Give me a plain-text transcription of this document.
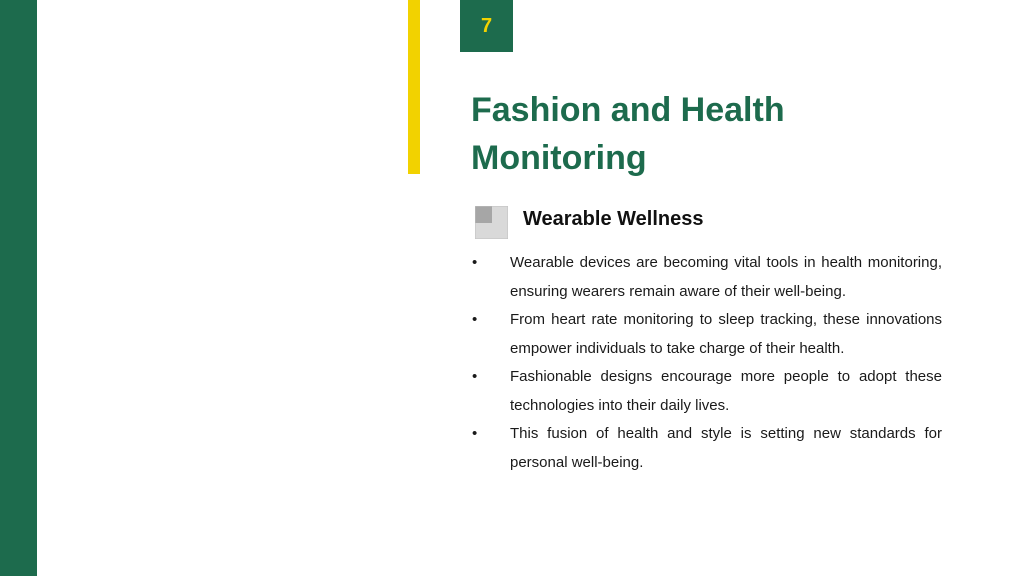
7
Fashion and Health
Monitoring
Wearable Wellness
•	Wearable devices are becoming vital tools in health monitoring, ensuring wearers remain aware of their well-being.
•	From heart rate monitoring to sleep tracking, these innovations empower individuals to take charge of their health.
•	Fashionable designs encourage more people to adopt these technologies into their daily lives.
•	This fusion of health and style is setting new standards for personal well-being.
